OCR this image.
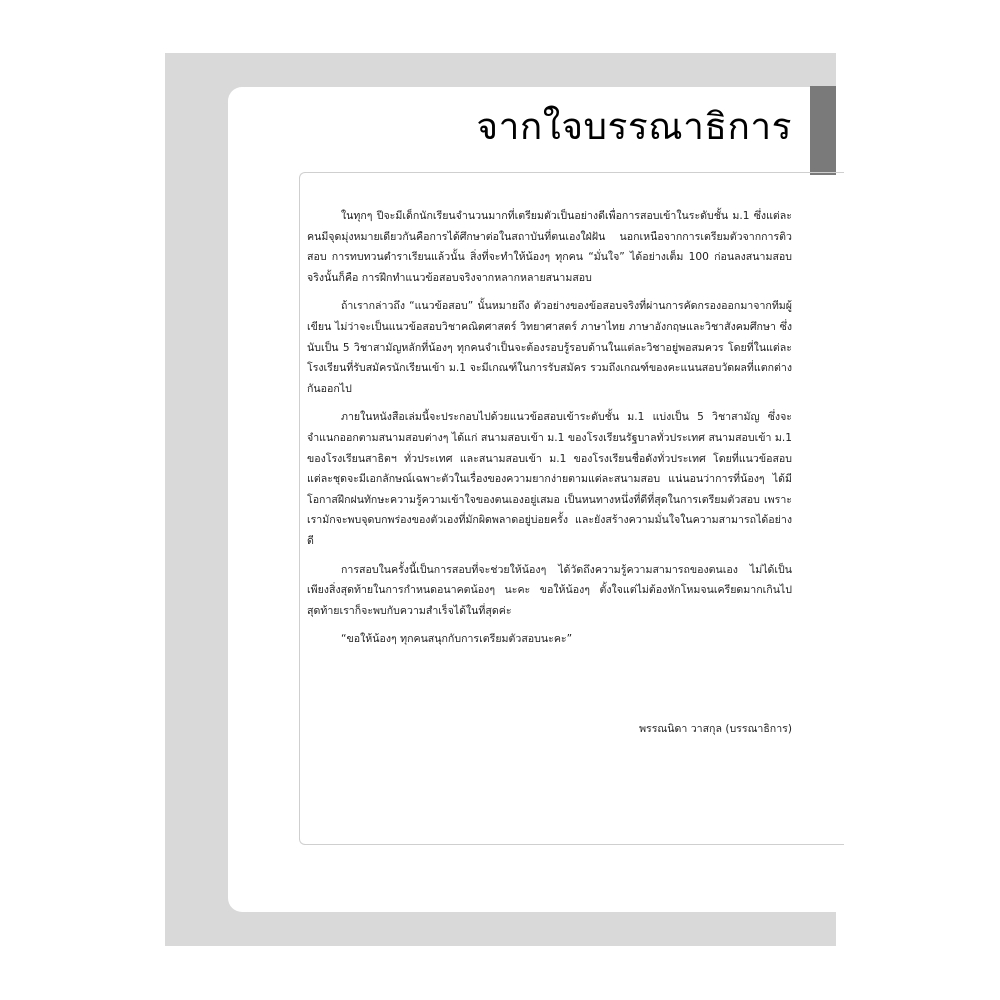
จากใจบรรณาธิการ

ในทุกๆ ปีจะมีเด็กนักเรียนจำนวนมากที่เตรียมตัวเป็นอย่างดีเพื่อการสอบเข้าในระดับชั้น ม.1 ซึ่งแต่ละคนมีจุดมุ่งหมายเดียวกันคือการได้ศึกษาต่อในสถาบันที่ตนเองใฝ่ฝัน นอกเหนือจากการเตรียมตัวจากการติวสอบ การทบทวนตำราเรียนแล้วนั้น สิ่งที่จะทำให้น้องๆ ทุกคน “มั่นใจ” ได้อย่างเต็ม 100 ก่อนลงสนามสอบจริงนั้นก็คือ การฝึกทำแนวข้อสอบจริงจากหลากหลายสนามสอบ

ถ้าเรากล่าวถึง “แนวข้อสอบ” นั้นหมายถึง ตัวอย่างของข้อสอบจริงที่ผ่านการคัดกรองออกมาจากทีมผู้เขียน ไม่ว่าจะเป็นแนวข้อสอบวิชาคณิตศาสตร์ วิทยาศาสตร์ ภาษาไทย ภาษาอังกฤษและวิชาสังคมศึกษา ซึ่งนับเป็น 5 วิชาสามัญหลักที่น้องๆ ทุกคนจำเป็นจะต้องรอบรู้รอบด้านในแต่ละวิชาอยู่พอสมควร โดยที่ในแต่ละโรงเรียนที่รับสมัครนักเรียนเข้า ม.1 จะมีเกณฑ์ในการรับสมัคร รวมถึงเกณฑ์ของคะแนนสอบวัดผลที่แตกต่างกันออกไป

ภายในหนังสือเล่มนี้จะประกอบไปด้วยแนวข้อสอบเข้าระดับชั้น ม.1 แบ่งเป็น 5 วิชาสามัญ ซึ่งจะจำแนกออกตามสนามสอบต่างๆ ได้แก่ สนามสอบเข้า ม.1 ของโรงเรียนรัฐบาลทั่วประเทศ สนามสอบเข้า ม.1 ของโรงเรียนสาธิตฯ ทั่วประเทศ และสนามสอบเข้า ม.1 ของโรงเรียนชื่อดังทั่วประเทศ โดยที่แนวข้อสอบแต่ละชุดจะมีเอกลักษณ์เฉพาะตัวในเรื่องของความยากง่ายตามแต่ละสนามสอบ แน่นอนว่าการที่น้องๆ ได้มีโอกาสฝึกฝนทักษะความรู้ความเข้าใจของตนเองอยู่เสมอ เป็นหนทางหนึ่งที่ดีที่สุดในการเตรียมตัวสอบ เพราะเรามักจะพบจุดบกพร่องของตัวเองที่มักผิดพลาดอยู่บ่อยครั้ง และยังสร้างความมั่นใจในความสามารถได้อย่างดี

การสอบในครั้งนี้เป็นการสอบที่จะช่วยให้น้องๆ ได้วัดถึงความรู้ความสามารถของตนเอง ไม่ได้เป็นเพียงสิ่งสุดท้ายในการกำหนดอนาคตน้องๆ นะคะ ขอให้น้องๆ ตั้งใจแต่ไม่ต้องหักโหมจนเครียดมากเกินไป สุดท้ายเราก็จะพบกับความสำเร็จได้ในที่สุดค่ะ

“ขอให้น้องๆ ทุกคนสนุกกับการเตรียมตัวสอบนะคะ”

พรรณนิดา วาสกุล (บรรณาธิการ)
